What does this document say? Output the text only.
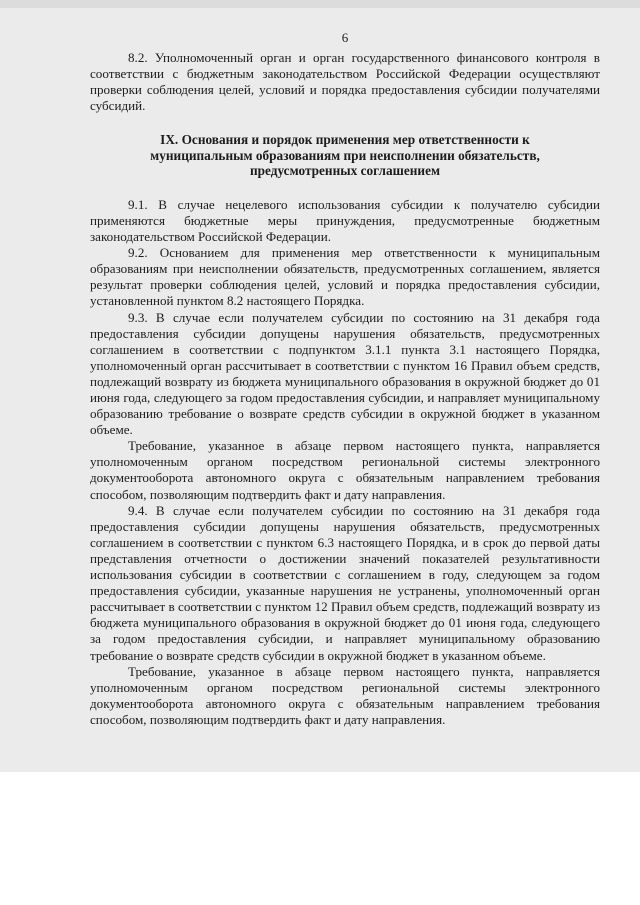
6

8.2. Уполномоченный орган и орган государственного финансового контроля в соответствии с бюджетным законодательством Российской Федерации осуществляют проверки соблюдения целей, условий и порядка предоставления субсидии получателями субсидий.

IX. Основания и порядок применения мер ответственности к муниципальным образованиям при неисполнении обязательств, предусмотренных соглашением

9.1. В случае нецелевого использования субсидии к получателю субсидии применяются бюджетные меры принуждения, предусмотренные бюджетным законодательством Российской Федерации.

9.2. Основанием для применения мер ответственности к муниципальным образованиям при неисполнении обязательств, предусмотренных соглашением, является результат проверки соблюдения целей, условий и порядка предоставления субсидии, установленной пунктом 8.2 настоящего Порядка.

9.3. В случае если получателем субсидии по состоянию на 31 декабря года предоставления субсидии допущены нарушения обязательств, предусмотренных соглашением в соответствии с подпунктом 3.1.1 пункта 3.1 настоящего Порядка, уполномоченный орган рассчитывает в соответствии с пунктом 16 Правил объем средств, подлежащий возврату из бюджета муниципального образования в окружной бюджет до 01 июня года, следующего за годом предоставления субсидии, и направляет муниципальному образованию требование о возврате средств субсидии в окружной бюджет в указанном объеме.

Требование, указанное в абзаце первом настоящего пункта, направляется уполномоченным органом посредством региональной системы электронного документооборота автономного округа с обязательным направлением требования способом, позволяющим подтвердить факт и дату направления.

9.4. В случае если получателем субсидии по состоянию на 31 декабря года предоставления субсидии допущены нарушения обязательств, предусмотренных соглашением в соответствии с пунктом 6.3 настоящего Порядка, и в срок до первой даты представления отчетности о достижении значений показателей результативности использования субсидии в соответствии с соглашением в году, следующем за годом предоставления субсидии, указанные нарушения не устранены, уполномоченный орган рассчитывает в соответствии с пунктом 12 Правил объем средств, подлежащий возврату из бюджета муниципального образования в окружной бюджет до 01 июня года, следующего за годом предоставления субсидии, и направляет муниципальному образованию требование о возврате средств субсидии в окружной бюджет в указанном объеме.

Требование, указанное в абзаце первом настоящего пункта, направляется уполномоченным органом посредством региональной системы электронного документооборота автономного округа с обязательным направлением требования способом, позволяющим подтвердить факт и дату направления.
